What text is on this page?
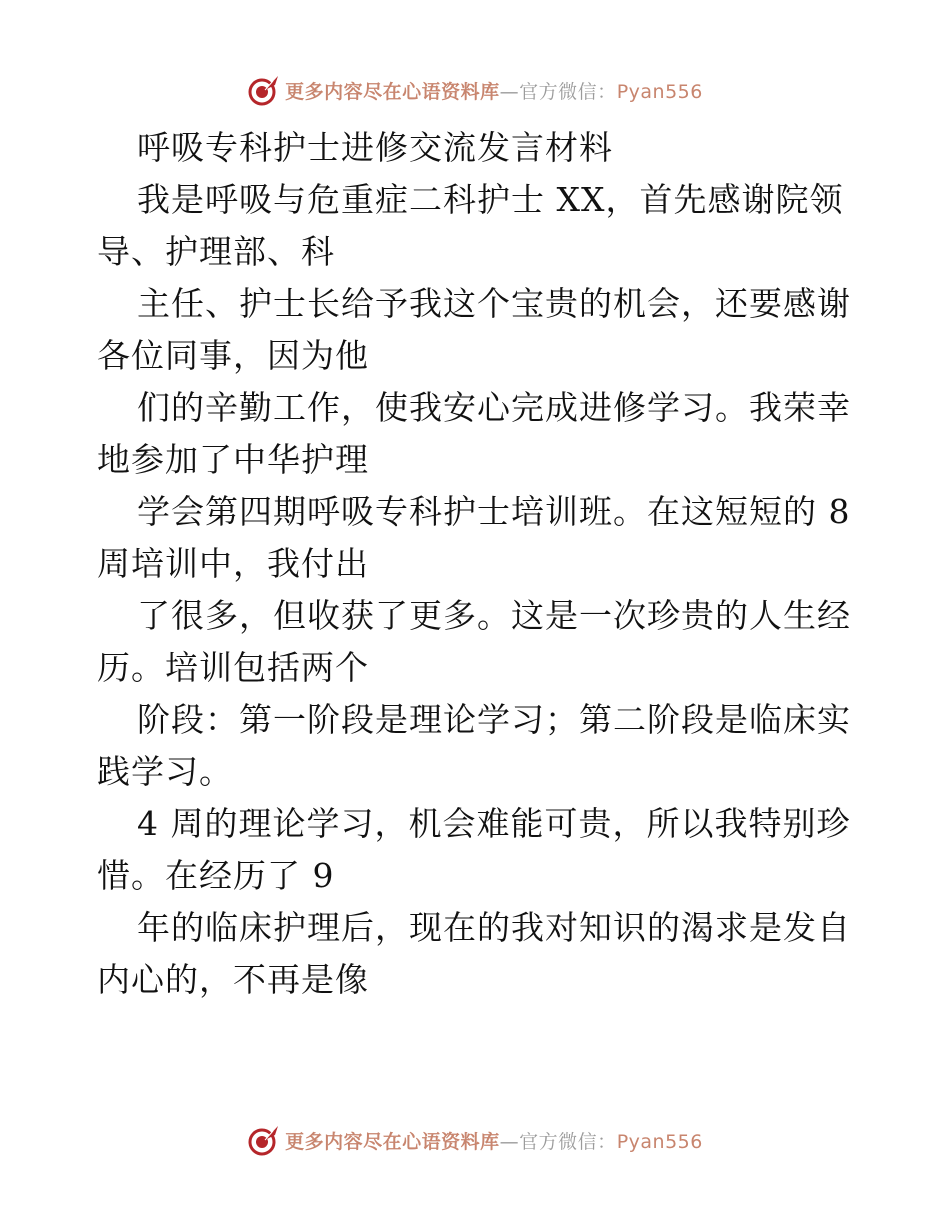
更多内容尽在心语资料库—官方微信：Pyan556
呼吸专科护士进修交流发言材料
我是呼吸与危重症二科护士 XX，首先感谢院领
导、护理部、科
主任、护士长给予我这个宝贵的机会，还要感谢
各位同事，因为他
们的辛勤工作，使我安心完成进修学习。我荣幸
地参加了中华护理
学会第四期呼吸专科护士培训班。在这短短的 8
周培训中，我付出
了很多，但收获了更多。这是一次珍贵的人生经
历。培训包括两个
阶段：第一阶段是理论学习；第二阶段是临床实
践学习。
4 周的理论学习，机会难能可贵，所以我特别珍
惜。在经历了 9
年的临床护理后，现在的我对知识的渴求是发自
内心的，不再是像
更多内容尽在心语资料库—官方微信：Pyan556
